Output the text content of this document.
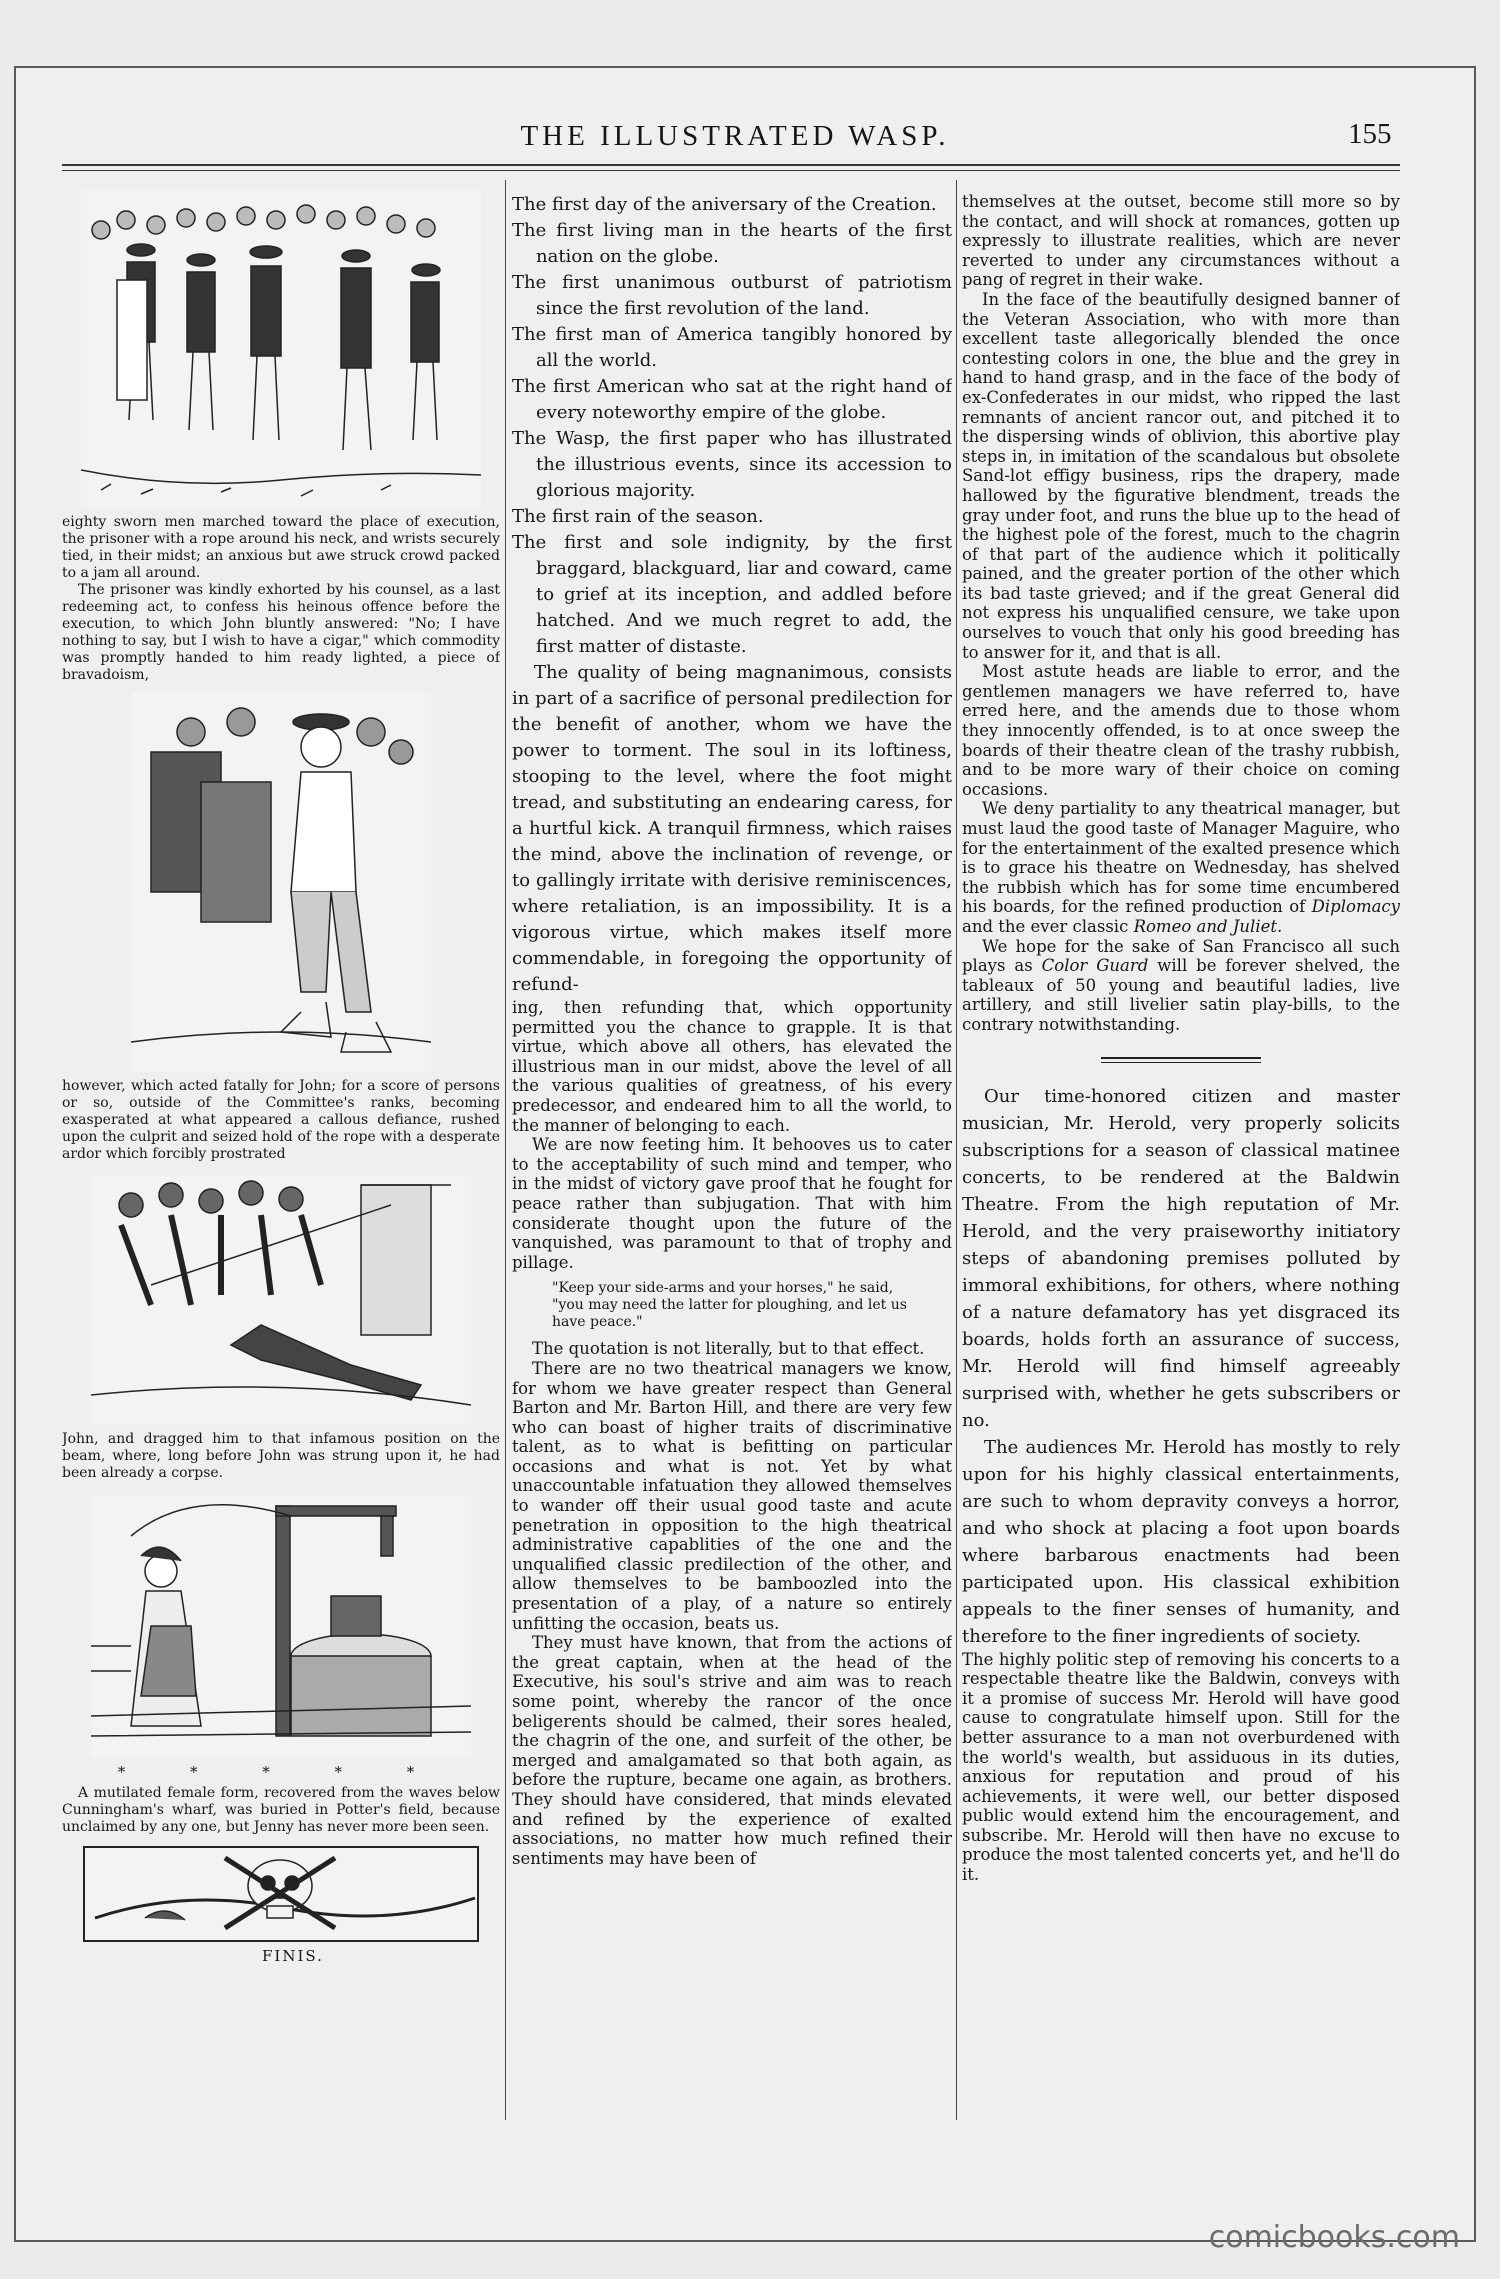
THE ILLUSTRATED WASP.	155

eighty sworn men marched toward the place of execution, the prisoner with a rope around his neck, and wrists securely tied, in their midst; an anxious but awe struck crowd packed to a jam all around.

The prisoner was kindly exhorted by his counsel, as a last redeeming act, to confess his heinous offence before the execution, to which John bluntly answered: "No; I have nothing to say, but I wish to have a cigar," which commodity was promptly handed to him ready lighted, a piece of bravadoism,

however, which acted fatally for John; for a score of persons or so, outside of the Committee's ranks, becoming exasperated at what appeared a callous defiance, rushed upon the culprit and seized hold of the rope with a desperate ardor which forcibly prostrated

John, and dragged him to that infamous position on the beam, where, long before John was strung upon it, he had been already a corpse.

* * * * *

A mutilated female form, recovered from the waves below Cunningham's wharf, was buried in Potter's field, because unclaimed by any one, but Jenny has never more been seen.

FINIS.

The first day of the aniversary of the Creation.

The first living man in the hearts of the first nation on the globe.

The first unanimous outburst of patriotism since the first revolution of the land.

The first man of America tangibly honored by all the world.

The first American who sat at the right hand of every noteworthy empire of the globe.

The Wasp, the first paper who has illustrated the illustrious events, since its accession to glorious majority.

The first rain of the season.

The first and sole indignity, by the first braggard, blackguard, liar and coward, came to grief at its inception, and addled before hatched. And we much regret to add, the first matter of distaste.

The quality of being magnanimous, consists in part of a sacrifice of personal predilection for the benefit of another, whom we have the power to torment. The soul in its loftiness, stooping to the level, where the foot might tread, and substituting an endearing caress, for a hurtful kick. A tranquil firmness, which raises the mind, above the inclination of revenge, or to gallingly irritate with derisive reminiscences, where retaliation, is an impossibility. It is a vigorous virtue, which makes itself more commendable, in foregoing the opportunity of refund-

ing, then refunding that, which opportunity permitted you the chance to grapple. It is that virtue, which above all others, has elevated the illustrious man in our midst, above the level of all the various qualities of greatness, of his every predecessor, and endeared him to all the world, to the manner of belonging to each.

We are now feeting him. It behooves us to cater to the acceptability of such mind and temper, who in the midst of victory gave proof that he fought for peace rather than subjugation. That with him considerate thought upon the future of the vanquished, was paramount to that of trophy and pillage.

"Keep your side-arms and your horses," he said, "you may need the latter for ploughing, and let us have peace."

The quotation is not literally, but to that effect.

There are no two theatrical managers we know, for whom we have greater respect than General Barton and Mr. Barton Hill, and there are very few who can boast of higher traits of discriminative talent, as to what is befitting on particular occasions and what is not. Yet by what unaccountable infatuation they allowed themselves to wander off their usual good taste and acute penetration in opposition to the high theatrical administrative capablities of the one and the unqualified classic predilection of the other, and allow themselves to be bamboozled into the presentation of a play, of a nature so entirely unfitting the occasion, beats us.

They must have known, that from the actions of the great captain, when at the head of the Executive, his soul's strive and aim was to reach some point, whereby the rancor of the once beligerents should be calmed, their sores healed, the chagrin of the one, and surfeit of the other, be merged and amalgamated so that both again, as before the rupture, became one again, as brothers. They should have considered, that minds elevated and refined by the experience of exalted associations, no matter how much refined their sentiments may have been of

themselves at the outset, become still more so by the contact, and will shock at romances, gotten up expressly to illustrate realities, which are never reverted to under any circumstances without a pang of regret in their wake.

In the face of the beautifully designed banner of the Veteran Association, who with more than excellent taste allegorically blended the once contesting colors in one, the blue and the grey in hand to hand grasp, and in the face of the body of ex-Confederates in our midst, who ripped the last remnants of ancient rancor out, and pitched it to the dispersing winds of oblivion, this abortive play steps in, in imitation of the scandalous but obsolete Sand-lot effigy business, rips the drapery, made hallowed by the figurative blendment, treads the gray under foot, and runs the blue up to the head of the highest pole of the forest, much to the chagrin of that part of the audience which it politically pained, and the greater portion of the other which its bad taste grieved; and if the great General did not express his unqualified censure, we take upon ourselves to vouch that only his good breeding has to answer for it, and that is all.

Most astute heads are liable to error, and the gentlemen managers we have referred to, have erred here, and the amends due to those whom they innocently offended, is to at once sweep the boards of their theatre clean of the trashy rubbish, and to be more wary of their choice on coming occasions.

We deny partiality to any theatrical manager, but must laud the good taste of Manager Maguire, who for the entertainment of the exalted presence which is to grace his theatre on Wednesday, has shelved the rubbish which has for some time encumbered his boards, for the refined production of Diplomacy and the ever classic Romeo and Juliet.

We hope for the sake of San Francisco all such plays as Color Guard will be forever shelved, the tableaux of 50 young and beautiful ladies, live artillery, and still livelier satin play-bills, to the contrary notwithstanding.

Our time-honored citizen and master musician, Mr. Herold, very properly solicits subscriptions for a season of classical matinee concerts, to be rendered at the Baldwin Theatre. From the high reputation of Mr. Herold, and the very praiseworthy initiatory steps of abandoning premises polluted by immoral exhibitions, for others, where nothing of a nature defamatory has yet disgraced its boards, holds forth an assurance of success, Mr. Herold will find himself agreeably surprised with, whether he gets subscribers or no.

The audiences Mr. Herold has mostly to rely upon for his highly classical entertainments, are such to whom depravity conveys a horror, and who shock at placing a foot upon boards where barbarous enactments had been participated upon. His classical exhibition appeals to the finer senses of humanity, and therefore to the finer ingredients of society.

The highly politic step of removing his concerts to a respectable theatre like the Baldwin, conveys with it a promise of success Mr. Herold will have good cause to congratulate himself upon. Still for the better assurance to a man not overburdened with the world's wealth, but assiduous in its duties, anxious for reputation and proud of his achievements, it were well, our better disposed public would extend him the encouragement, and subscribe. Mr. Herold will then have no excuse to produce the most talented concerts yet, and he'll do it.

comicbooks.com
